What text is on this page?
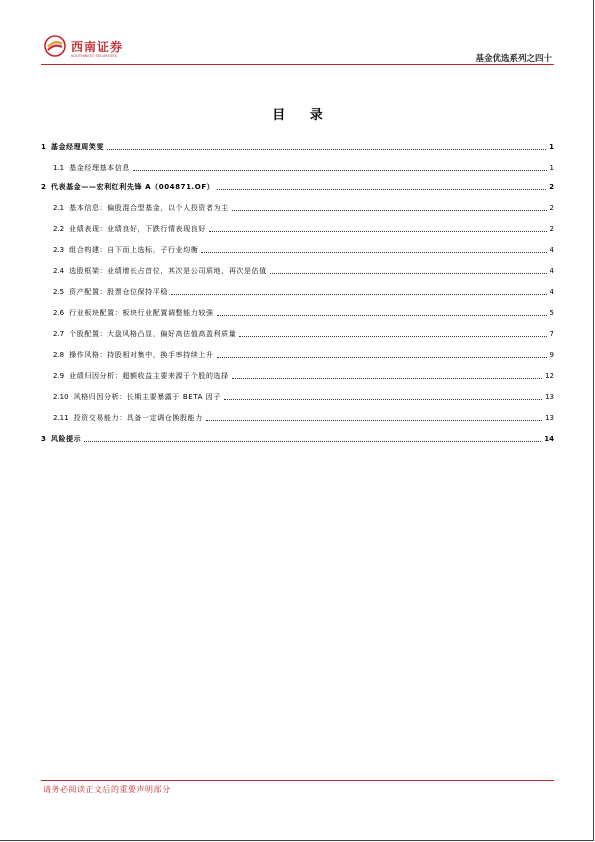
西南证券
SOUTHWEST SECURITIES	基金优选系列之四十
目 录
1 基金经理周笑雯	1
1.1 基金经理基本信息	1
2 代表基金——宏利红利先锋 A（004871.OF）	2
2.1 基本信息：偏股混合型基金，以个人投资者为主	2
2.2 业绩表现：业绩良好，下跌行情表现良好	2
2.3 组合构建：自下而上选标，子行业均衡	4
2.4 选股框架：业绩增长占首位，其次是公司质地，再次是估值	4
2.5 资产配置：股票仓位保持平稳	4
2.6 行业板块配置：板块行业配置调整能力较强	5
2.7 个股配置：大盘风格凸显，偏好高估值高盈利质量	7
2.8 操作风格：持股相对集中，换手率持续上升	9
2.9 业绩归因分析：超额收益主要来源于个股的选择	12
2.10 风格归因分析：长期主要暴露于 BETA 因子	13
2.11 投资交易能力：具备一定调仓换股能力	13
3 风险提示	14
请务必阅读正文后的重要声明部分
